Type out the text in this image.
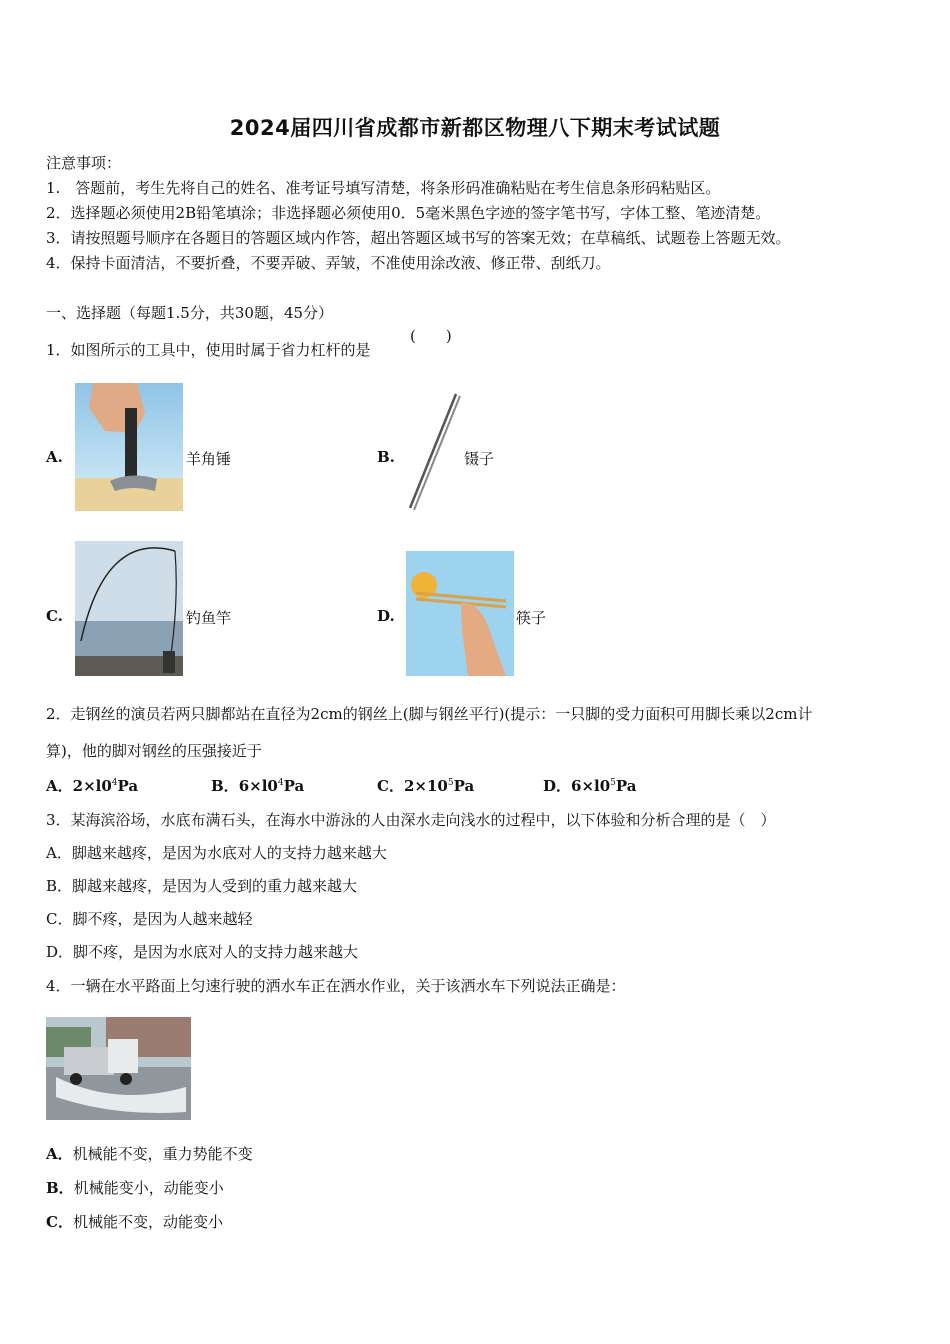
2024届四川省成都市新都区物理八下期末考试试题
注意事项：
1.　答题前，考生先将自己的姓名、准考证号填写清楚，将条形码准确粘贴在考生信息条形码粘贴区。
2．选择题必须使用2B铅笔填涂；非选择题必须使用0．5毫米黑色字迹的签字笔书写，字体工整、笔迹清楚。
3．请按照题号顺序在各题目的答题区域内作答，超出答题区域书写的答案无效；在草稿纸、试题卷上答题无效。
4．保持卡面清洁，不要折叠，不要弄破、弄皱，不准使用涂改液、修正带、刮纸刀。
一、选择题（每题1.5分，共30题，45分）
1．如图所示的工具中，使用时属于省力杠杆的是
(　　)
A.	羊角锤	B.	镊子
C.	钓鱼竿	D.	筷子
2．走钢丝的演员若两只脚都站在直径为2cm的钢丝上(脚与钢丝平行)(提示：一只脚的受力面积可用脚长乘以2cm计
算)，他的脚对钢丝的压强接近于
A．$2\times l0^4Pa$	B．$6\times l0^4Pa$	C．$2\times 10^5Pa$	D．$6\times l0^5Pa$
3．某海滨浴场，水底布满石头，在海水中游泳的人由深水走向浅水的过程中，以下体验和分析合理的是（　）
A．脚越来越疼，是因为水底对人的支持力越来越大
B．脚越来越疼，是因为人受到的重力越来越大
C．脚不疼，是因为人越来越轻
D．脚不疼，是因为水底对人的支持力越来越大
4．一辆在水平路面上匀速行驶的洒水车正在洒水作业，关于该洒水车下列说法正确是：
A．机械能不变，重力势能不变
B．机械能变小，动能变小
C．机械能不变，动能变小
